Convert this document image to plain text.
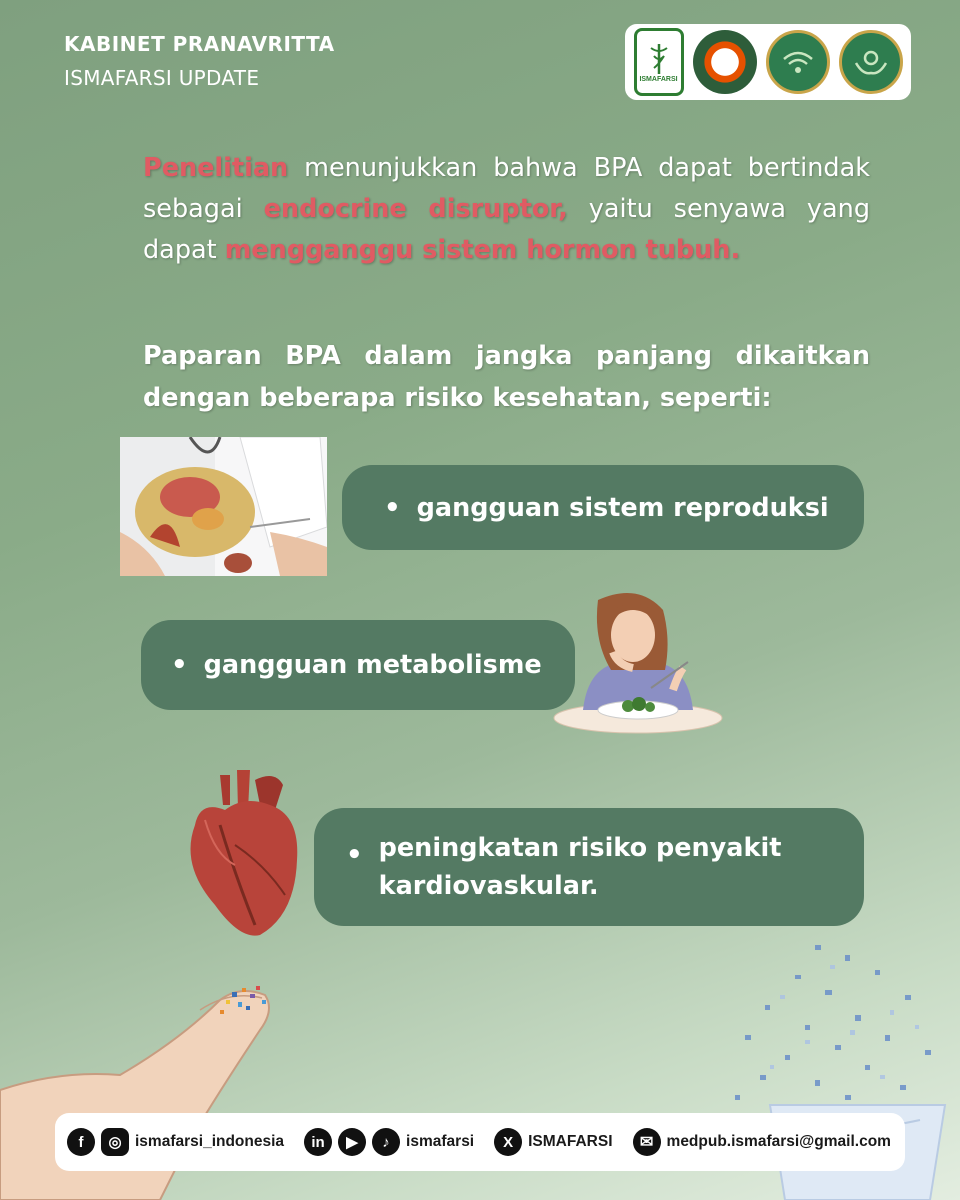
KABINET PRANAVRITTA
ISMAFARSI UPDATE	ISMAFARSI
Penelitian menunjukkan bahwa BPA dapat bertindak sebagai endocrine disruptor, yaitu senyawa yang dapat mengganggu sistem hormon tubuh.
Paparan BPA dalam jangka panjang dikaitkan dengan beberapa risiko kesehatan, seperti:
• gangguan sistem reproduksi
• gangguan metabolisme
• peningkatan risiko penyakit kardiovaskular.
f	◎ ismafarsi_indonesia	in	▶	♪	ismafarsi	X ISMAFARSI	✉ medpub.ismafarsi@gmail.com
